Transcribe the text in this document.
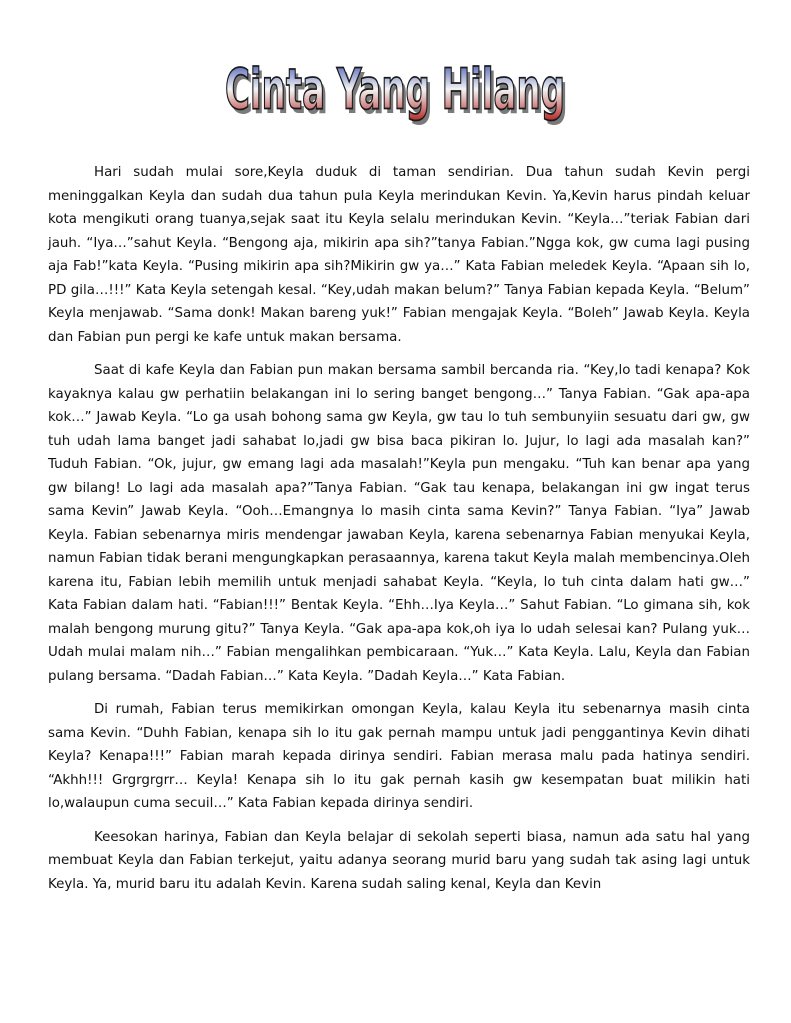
Cinta Yang Hilang
Cinta Yang Hilang

Hari sudah mulai sore,Keyla duduk di taman sendirian. Dua tahun sudah Kevin pergi meninggalkan Keyla dan sudah dua tahun pula Keyla merindukan Kevin. Ya,Kevin harus pindah keluar kota mengikuti orang tuanya,sejak saat itu Keyla selalu merindukan Kevin. “Keyla…”teriak Fabian dari jauh. “Iya…”sahut Keyla. “Bengong aja, mikirin apa sih?”tanya Fabian.”Ngga kok, gw cuma lagi pusing aja Fab!”kata Keyla. “Pusing mikirin apa sih?Mikirin gw ya…” Kata Fabian meledek Keyla. “Apaan sih lo, PD gila…!!!” Kata Keyla setengah kesal. “Key,udah makan belum?” Tanya Fabian kepada Keyla. “Belum” Keyla menjawab. “Sama donk! Makan bareng yuk!” Fabian mengajak Keyla. “Boleh” Jawab Keyla. Keyla dan Fabian pun pergi ke kafe untuk makan bersama.

Saat di kafe Keyla dan Fabian pun makan bersama sambil bercanda ria. “Key,lo tadi kenapa? Kok kayaknya kalau gw perhatiin belakangan ini lo sering banget bengong…” Tanya Fabian. “Gak apa-apa kok…” Jawab Keyla. “Lo ga usah bohong sama gw Keyla, gw tau lo tuh sembunyiin sesuatu dari gw, gw tuh udah lama banget jadi sahabat lo,jadi gw bisa baca pikiran lo. Jujur, lo lagi ada masalah kan?” Tuduh Fabian. “Ok, jujur, gw emang lagi ada masalah!”Keyla pun mengaku. “Tuh kan benar apa yang gw bilang! Lo lagi ada masalah apa?”Tanya Fabian. “Gak tau kenapa, belakangan ini gw ingat terus sama Kevin” Jawab Keyla. “Ooh…Emangnya lo masih cinta sama Kevin?” Tanya Fabian. “Iya” Jawab Keyla. Fabian sebenarnya miris mendengar jawaban Keyla, karena sebenarnya Fabian menyukai Keyla, namun Fabian tidak berani mengungkapkan perasaannya, karena takut Keyla malah membencinya.Oleh karena itu, Fabian lebih memilih untuk menjadi sahabat Keyla. “Keyla, lo tuh cinta dalam hati gw…” Kata Fabian dalam hati. “Fabian!!!” Bentak Keyla. “Ehh…Iya Keyla…” Sahut Fabian. “Lo gimana sih, kok malah bengong murung gitu?” Tanya Keyla. “Gak apa-apa kok,oh iya lo udah selesai kan? Pulang yuk…Udah mulai malam nih…” Fabian mengalihkan pembicaraan. “Yuk…” Kata Keyla. Lalu, Keyla dan Fabian pulang bersama. “Dadah Fabian…” Kata Keyla. ”Dadah Keyla…” Kata Fabian.

Di rumah, Fabian terus memikirkan omongan Keyla, kalau Keyla itu sebenarnya masih cinta sama Kevin. “Duhh Fabian, kenapa sih lo itu gak pernah mampu untuk jadi penggantinya Kevin dihati Keyla? Kenapa!!!” Fabian marah kepada dirinya sendiri. Fabian merasa malu pada hatinya sendiri. “Akhh!!! Grgrgrgrr… Keyla! Kenapa sih lo itu gak pernah kasih gw kesempatan buat milikin hati lo,walaupun cuma secuil…” Kata Fabian kepada dirinya sendiri.

Keesokan harinya, Fabian dan Keyla belajar di sekolah seperti biasa, namun ada satu hal yang membuat Keyla dan Fabian terkejut, yaitu adanya seorang murid baru yang sudah tak asing lagi untuk Keyla. Ya, murid baru itu adalah Kevin. Karena sudah saling kenal, Keyla dan Kevin
